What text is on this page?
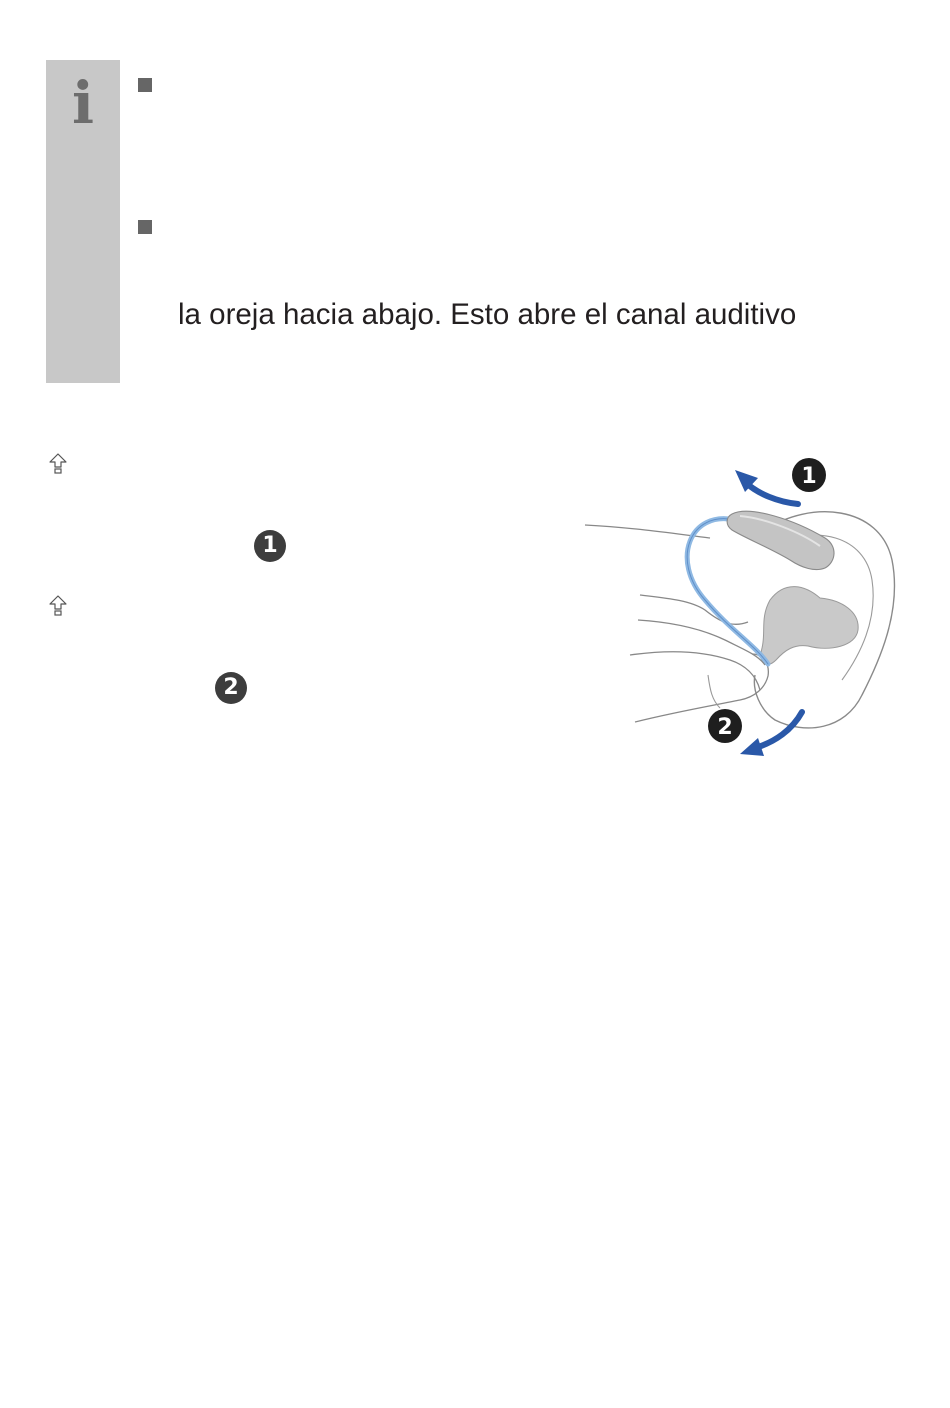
i
la oreja hacia abajo. Esto abre el canal auditivo
1
2
1
2
